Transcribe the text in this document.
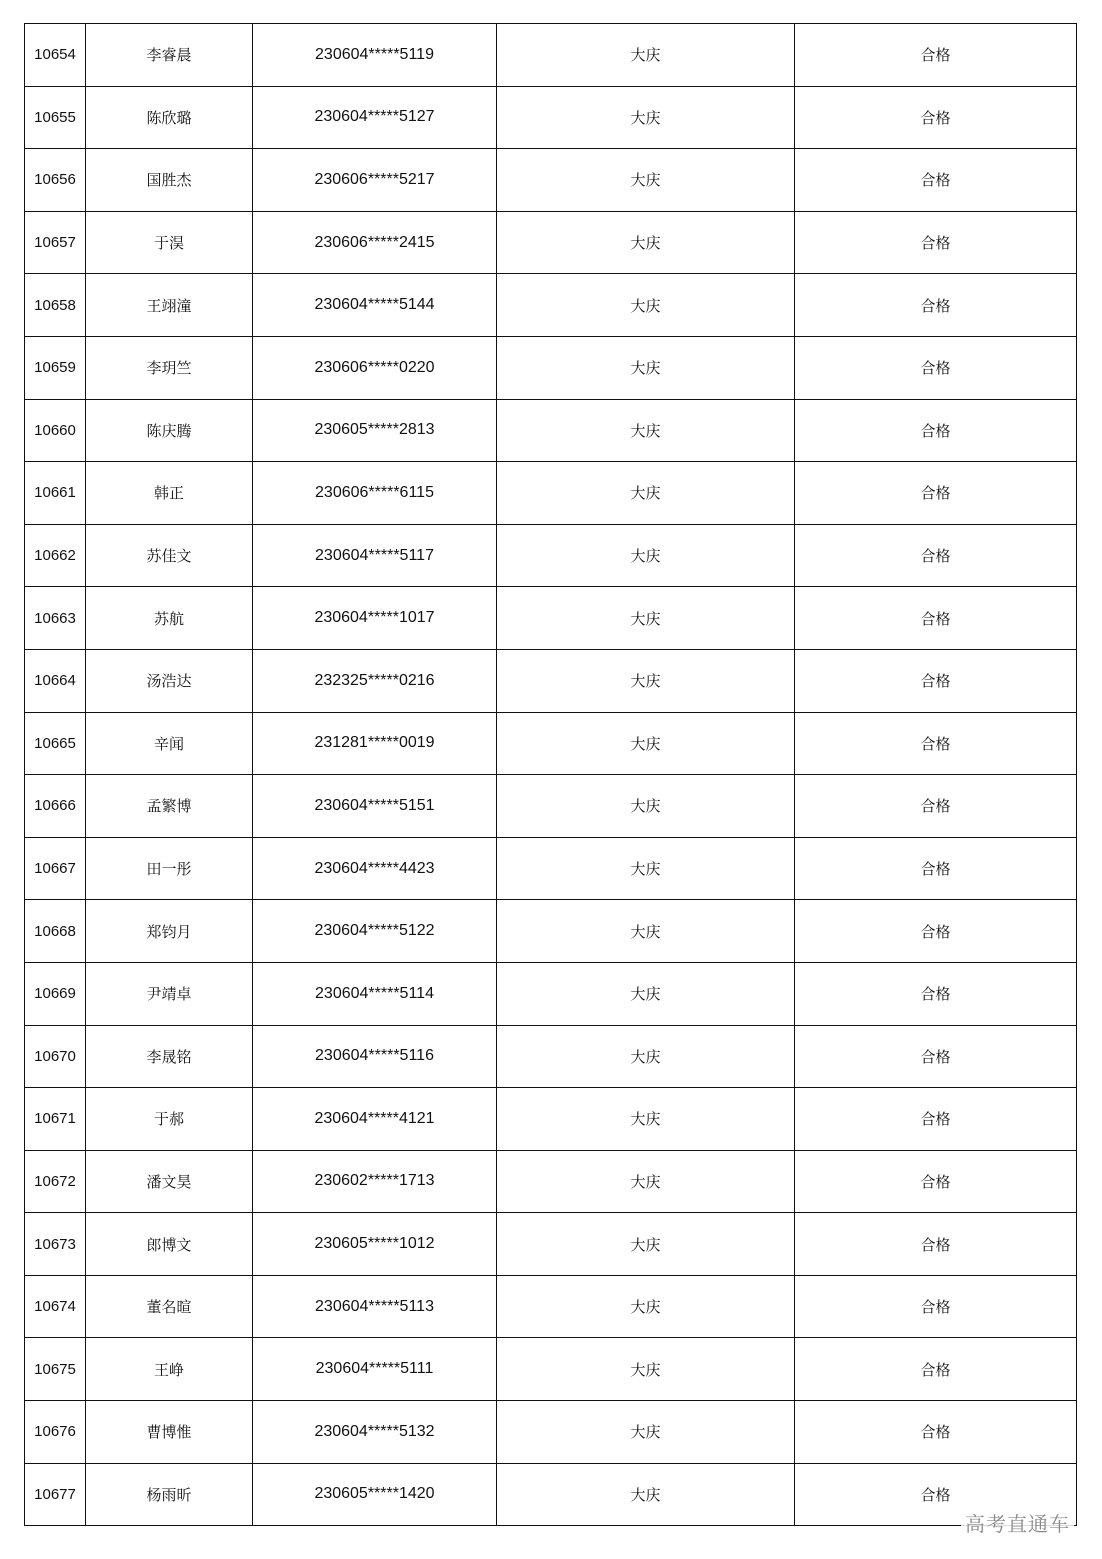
10654	李睿晨	230604*****5119	大庆	合格
10655	陈欣璐	230604*****5127	大庆	合格
10656	国胜杰	230606*****5217	大庆	合格
10657	于淏	230606*****2415	大庆	合格
10658	王翊潼	230604*****5144	大庆	合格
10659	李玥竺	230606*****0220	大庆	合格
10660	陈庆腾	230605*****2813	大庆	合格
10661	韩正	230606*****6115	大庆	合格
10662	苏佳文	230604*****5117	大庆	合格
10663	苏航	230604*****1017	大庆	合格
10664	汤浩达	232325*****0216	大庆	合格
10665	辛闻	231281*****0019	大庆	合格
10666	孟繁博	230604*****5151	大庆	合格
10667	田一彤	230604*****4423	大庆	合格
10668	郑钧月	230604*****5122	大庆	合格
10669	尹靖卓	230604*****5114	大庆	合格
10670	李晟铭	230604*****5116	大庆	合格
10671	于郝	230604*****4121	大庆	合格
10672	潘文昊	230602*****1713	大庆	合格
10673	郎博文	230605*****1012	大庆	合格
10674	董名暄	230604*****5113	大庆	合格
10675	王峥	230604*****5111	大庆	合格
10676	曹博惟	230604*****5132	大庆	合格
10677	杨雨昕	230605*****1420	大庆	合格
高考直通车
